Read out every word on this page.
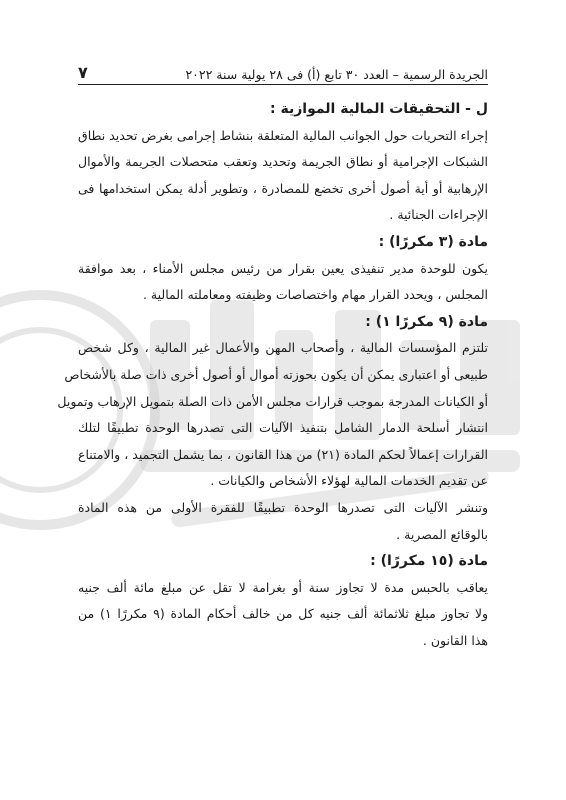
الجريدة الرسمية – العدد ٣٠ تابع (أ) فى ٢٨ يولية سنة ٢٠٢٢
٧

ل - التحقيقات المالية الموازية :

إجراء التحريات حول الجوانب المالية المتعلقة بنشاط إجرامى بغرض تحديد نطاق
الشبكات الإجرامية أو نطاق الجريمة وتحديد وتعقب متحصلات الجريمة والأموال
الإرهابية أو أية أصول أخرى تخضع للمصادرة ، وتطوير أدلة يمكن استخدامها فى
الإجراءات الجنائية .

مادة (٣ مكررًا) :

يكون للوحدة مدير تنفيذى يعين بقرار من رئيس مجلس الأمناء ، بعد موافقة
المجلس ، ويحدد القرار مهام واختصاصات وظيفته ومعاملته المالية .

مادة (٩ مكررًا ١) :

تلتزم المؤسسات المالية ، وأصحاب المهن والأعمال غير المالية ، وكل شخص
طبيعى أو اعتبارى يمكن أن يكون بحوزته أموال أو أصول أخرى ذات صلة بالأشخاص
أو الكيانات المدرجة بموجب قرارات مجلس الأمن ذات الصلة بتمويل الإرهاب وتمويل
انتشار أسلحة الدمار الشامل بتنفيذ الآليات التى تصدرها الوحدة تطبيقًا لتلك
القرارات إعمالاً لحكم المادة (٢١) من هذا القانون ، بما يشمل التجميد ، والامتناع
عن تقديم الخدمات المالية لهؤلاء الأشخاص والكيانات .

وتنشر الآليات التى تصدرها الوحدة تطبيقًا للفقرة الأولى من هذه المادة
بالوقائع المصرية .

مادة (١٥ مكررًا) :

يعاقب بالحبس مدة لا تجاوز سنة أو بغرامة لا تقل عن مبلغ مائة ألف جنيه
ولا تجاوز مبلغ ثلاثمائة ألف جنيه كل من خالف أحكام المادة (٩ مكررًا ١) من
هذا القانون .
